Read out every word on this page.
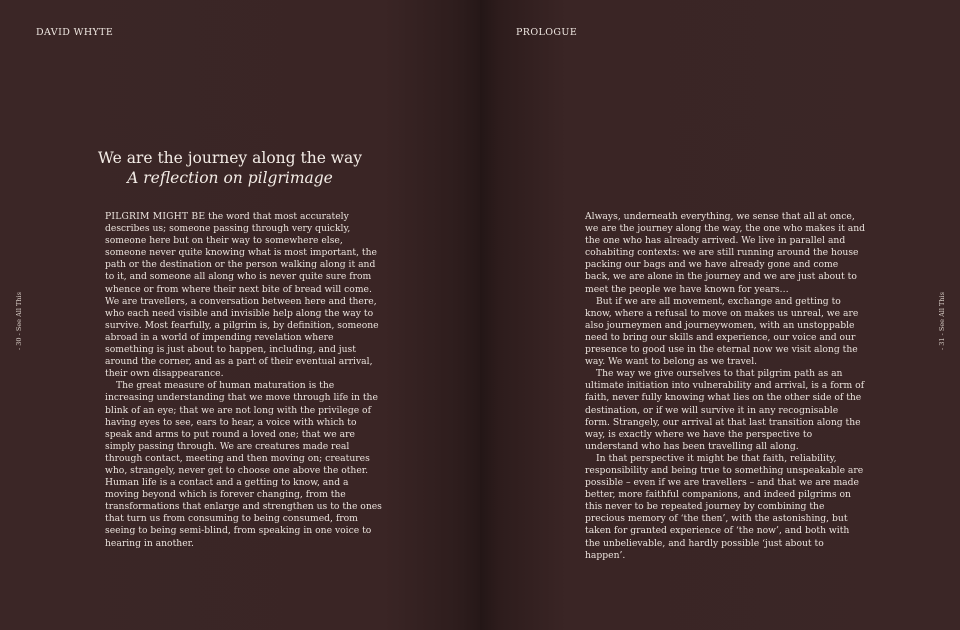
DAVID WHYTE
- 30 - See All This

We are the journey along the way

A reflection on pilgrimage

PILGRIM MIGHT BE the word that most accurately describes us; someone passing through very quickly, someone here but on their way to somewhere else, someone never quite knowing what is most important, the path or the destination or the person walking along it and to it, and someone all along who is never quite sure from whence or from where their next bite of bread will come. We are travellers, a conversation between here and there, who each need visible and invisible help along the way to survive. Most fearfully, a pilgrim is, by definition, someone abroad in a world of impending revelation where something is just about to happen, including, and just around the corner, and as a part of their eventual arrival, their own disappearance.

The great measure of human maturation is the increasing understanding that we move through life in the blink of an eye; that we are not long with the privilege of having eyes to see, ears to hear, a voice with which to speak and arms to put round a loved one; that we are simply passing through. We are creatures made real through contact, meeting and then moving on; creatures who, strangely, never get to choose one above the other. Human life is a contact and a getting to know, and a moving beyond which is forever changing, from the transformations that enlarge and strengthen us to the ones that turn us from consuming to being consumed, from seeing to being semi-blind, from speaking in one voice to hearing in another.

PROLOGUE
- 31 - See All This

Always, underneath everything, we sense that all at once, we are the journey along the way, the one who makes it and the one who has already arrived. We live in parallel and cohabiting contexts: we are still running around the house packing our bags and we have already gone and come back, we are alone in the journey and we are just about to meet the people we have known for years…

But if we are all movement, exchange and getting to know, where a refusal to move on makes us unreal, we are also journeymen and journeywomen, with an unstoppable need to bring our skills and experience, our voice and our presence to good use in the eternal now we visit along the way. We want to belong as we travel.

The way we give ourselves to that pilgrim path as an ultimate initiation into vulnerability and arrival, is a form of faith, never fully knowing what lies on the other side of the destination, or if we will survive it in any recognisable form. Strangely, our arrival at that last transition along the way, is exactly where we have the perspective to understand who has been travelling all along.

In that perspective it might be that faith, reliability, responsibility and being true to something unspeakable are possible – even if we are travellers – and that we are made better, more faithful companions, and indeed pilgrims on this never to be repeated journey by combining the precious memory of ‘the then’, with the astonishing, but taken for granted experience of ‘the now’, and both with the unbelievable, and hardly possible ‘just about to happen’.
